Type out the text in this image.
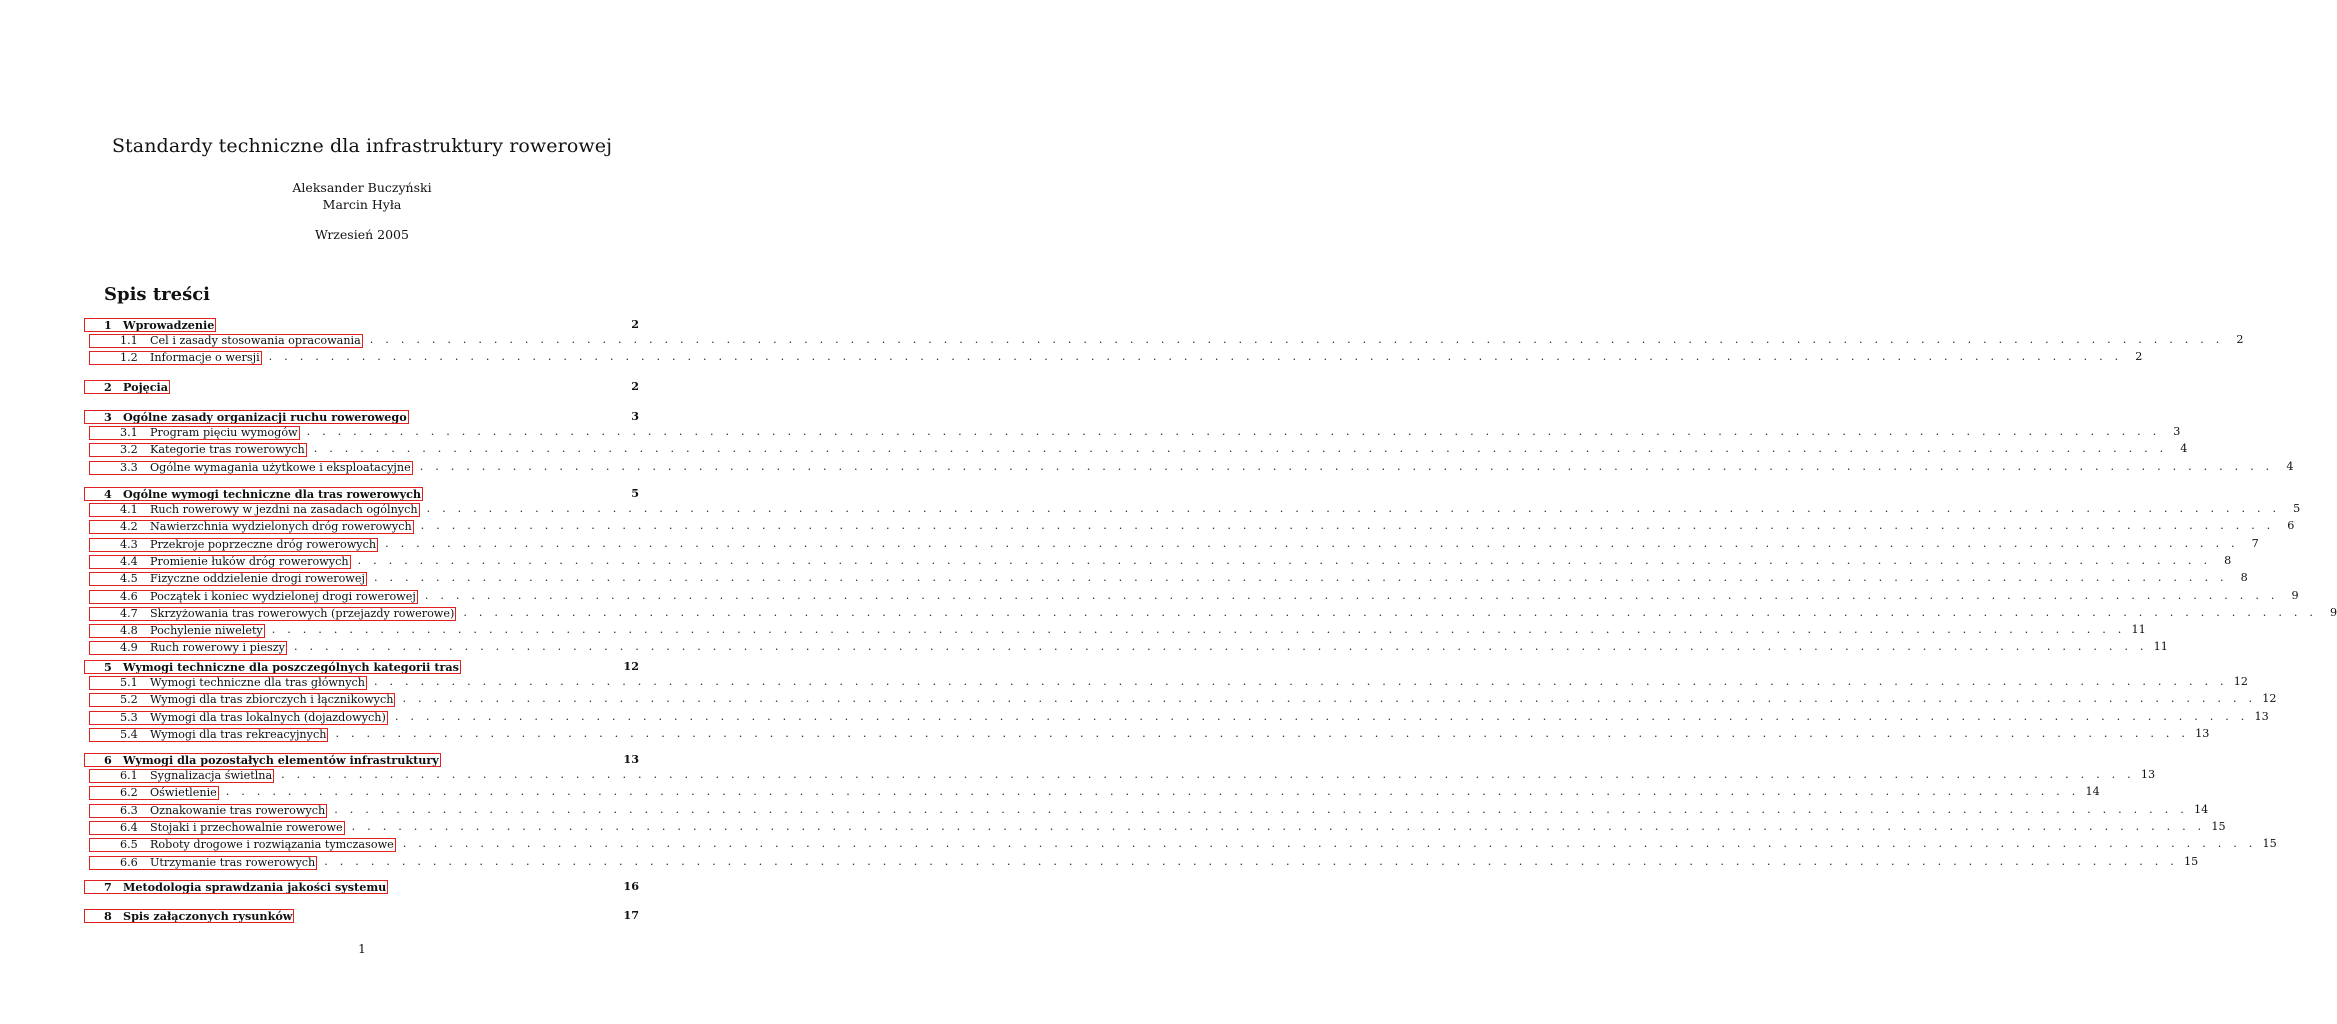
Standardy techniczne dla infrastruktury rowerowej
Aleksander Buczyński
Marcin Hyła
Wrzesień 2005
Spis treści
1 Wprowadzenie	2
1.1 Cel i zasady stosowania opracowania . . . . . . . . . . . . . . . . . . . . . . . . . . . . . . . . . . . . . . . . . . . . . . . . . . . . . . . . . . . . . . . . . . . . . . . . . . . . . . . . . . . . . . . . . . . . . . . . . . . . . . . . . . . . . . . . . . . . . . . .	2
1.2 Informacje o wersji . . . . . . . . . . . . . . . . . . . . . . . . . . . . . . . . . . . . . . . . . . . . . . . . . . . . . . . . . . . . . . . . . . . . . . . . . . . . . . . . . . . . . . . . . . . . . . . . . . . . . . . . . . . . . . . . . . . . . . . .	2
2 Pojęcia	2
3 Ogólne zasady organizacji ruchu rowerowego	3
3.1 Program pięciu wymogów . . . . . . . . . . . . . . . . . . . . . . . . . . . . . . . . . . . . . . . . . . . . . . . . . . . . . . . . . . . . . . . . . . . . . . . . . . . . . . . . . . . . . . . . . . . . . . . . . . . . . . . . . . . . . . . . . . . . . . . .	3
3.2 Kategorie tras rowerowych . . . . . . . . . . . . . . . . . . . . . . . . . . . . . . . . . . . . . . . . . . . . . . . . . . . . . . . . . . . . . . . . . . . . . . . . . . . . . . . . . . . . . . . . . . . . . . . . . . . . . . . . . . . . . . . . . . . . . . . .	4
3.3 Ogólne wymagania użytkowe i eksploatacyjne . . . . . . . . . . . . . . . . . . . . . . . . . . . . . . . . . . . . . . . . . . . . . . . . . . . . . . . . . . . . . . . . . . . . . . . . . . . . . . . . . . . . . . . . . . . . . . . . . . . . . . . . . . . . . . . . . . . . . . . .	4
4 Ogólne wymogi techniczne dla tras rowerowych	5
4.1 Ruch rowerowy w jezdni na zasadach ogólnych . . . . . . . . . . . . . . . . . . . . . . . . . . . . . . . . . . . . . . . . . . . . . . . . . . . . . . . . . . . . . . . . . . . . . . . . . . . . . . . . . . . . . . . . . . . . . . . . . . . . . . . . . . . . . . . . . . . . . . . .	5
4.2 Nawierzchnia wydzielonych dróg rowerowych . . . . . . . . . . . . . . . . . . . . . . . . . . . . . . . . . . . . . . . . . . . . . . . . . . . . . . . . . . . . . . . . . . . . . . . . . . . . . . . . . . . . . . . . . . . . . . . . . . . . . . . . . . . . . . . . . . . . . . . .	6
4.3 Przekroje poprzeczne dróg rowerowych . . . . . . . . . . . . . . . . . . . . . . . . . . . . . . . . . . . . . . . . . . . . . . . . . . . . . . . . . . . . . . . . . . . . . . . . . . . . . . . . . . . . . . . . . . . . . . . . . . . . . . . . . . . . . . . . . . . . . . . .	7
4.4 Promienie łuków dróg rowerowych . . . . . . . . . . . . . . . . . . . . . . . . . . . . . . . . . . . . . . . . . . . . . . . . . . . . . . . . . . . . . . . . . . . . . . . . . . . . . . . . . . . . . . . . . . . . . . . . . . . . . . . . . . . . . . . . . . . . . . . .	8
4.5 Fizyczne oddzielenie drogi rowerowej . . . . . . . . . . . . . . . . . . . . . . . . . . . . . . . . . . . . . . . . . . . . . . . . . . . . . . . . . . . . . . . . . . . . . . . . . . . . . . . . . . . . . . . . . . . . . . . . . . . . . . . . . . . . . . . . . . . . . . . .	8
4.6 Początek i koniec wydzielonej drogi rowerowej . . . . . . . . . . . . . . . . . . . . . . . . . . . . . . . . . . . . . . . . . . . . . . . . . . . . . . . . . . . . . . . . . . . . . . . . . . . . . . . . . . . . . . . . . . . . . . . . . . . . . . . . . . . . . . . . . . . . . . . .	9
4.7 Skrzyżowania tras rowerowych (przejazdy rowerowe) . . . . . . . . . . . . . . . . . . . . . . . . . . . . . . . . . . . . . . . . . . . . . . . . . . . . . . . . . . . . . . . . . . . . . . . . . . . . . . . . . . . . . . . . . . . . . . . . . . . . . . . . . . . . . . . . . . . . . . . .	9
4.8 Pochylenie niwelety . . . . . . . . . . . . . . . . . . . . . . . . . . . . . . . . . . . . . . . . . . . . . . . . . . . . . . . . . . . . . . . . . . . . . . . . . . . . . . . . . . . . . . . . . . . . . . . . . . . . . . . . . . . . . . . . . . . . . . . . 11
4.9 Ruch rowerowy i pieszy . . . . . . . . . . . . . . . . . . . . . . . . . . . . . . . . . . . . . . . . . . . . . . . . . . . . . . . . . . . . . . . . . . . . . . . . . . . . . . . . . . . . . . . . . . . . . . . . . . . . . . . . . . . . . . . . . . . . . . . . 11
5 Wymogi techniczne dla poszczególnych kategorii tras	12
5.1 Wymogi techniczne dla tras głównych . . . . . . . . . . . . . . . . . . . . . . . . . . . . . . . . . . . . . . . . . . . . . . . . . . . . . . . . . . . . . . . . . . . . . . . . . . . . . . . . . . . . . . . . . . . . . . . . . . . . . . . . . . . . . . . . . . . . . . . . 12
5.2 Wymogi dla tras zbiorczych i łącznikowych . . . . . . . . . . . . . . . . . . . . . . . . . . . . . . . . . . . . . . . . . . . . . . . . . . . . . . . . . . . . . . . . . . . . . . . . . . . . . . . . . . . . . . . . . . . . . . . . . . . . . . . . . . . . . . . . . . . . . . . . 12
5.3 Wymogi dla tras lokalnych (dojazdowych) . . . . . . . . . . . . . . . . . . . . . . . . . . . . . . . . . . . . . . . . . . . . . . . . . . . . . . . . . . . . . . . . . . . . . . . . . . . . . . . . . . . . . . . . . . . . . . . . . . . . . . . . . . . . . . . . . . . . . . . . 13
5.4 Wymogi dla tras rekreacyjnych . . . . . . . . . . . . . . . . . . . . . . . . . . . . . . . . . . . . . . . . . . . . . . . . . . . . . . . . . . . . . . . . . . . . . . . . . . . . . . . . . . . . . . . . . . . . . . . . . . . . . . . . . . . . . . . . . . . . . . . . 13
6 Wymogi dla pozostałych elementów infrastruktury	13
6.1 Sygnalizacja świetlna . . . . . . . . . . . . . . . . . . . . . . . . . . . . . . . . . . . . . . . . . . . . . . . . . . . . . . . . . . . . . . . . . . . . . . . . . . . . . . . . . . . . . . . . . . . . . . . . . . . . . . . . . . . . . . . . . . . . . . . . 13
6.2 Oświetlenie . . . . . . . . . . . . . . . . . . . . . . . . . . . . . . . . . . . . . . . . . . . . . . . . . . . . . . . . . . . . . . . . . . . . . . . . . . . . . . . . . . . . . . . . . . . . . . . . . . . . . . . . . . . . . . . . . . . . . . . . 14
6.3 Oznakowanie tras rowerowych . . . . . . . . . . . . . . . . . . . . . . . . . . . . . . . . . . . . . . . . . . . . . . . . . . . . . . . . . . . . . . . . . . . . . . . . . . . . . . . . . . . . . . . . . . . . . . . . . . . . . . . . . . . . . . . . . . . . . . . . 14
6.4 Stojaki i przechowalnie rowerowe . . . . . . . . . . . . . . . . . . . . . . . . . . . . . . . . . . . . . . . . . . . . . . . . . . . . . . . . . . . . . . . . . . . . . . . . . . . . . . . . . . . . . . . . . . . . . . . . . . . . . . . . . . . . . . . . . . . . . . . . 15
6.5 Roboty drogowe i rozwiązania tymczasowe . . . . . . . . . . . . . . . . . . . . . . . . . . . . . . . . . . . . . . . . . . . . . . . . . . . . . . . . . . . . . . . . . . . . . . . . . . . . . . . . . . . . . . . . . . . . . . . . . . . . . . . . . . . . . . . . . . . . . . . . 15
6.6 Utrzymanie tras rowerowych . . . . . . . . . . . . . . . . . . . . . . . . . . . . . . . . . . . . . . . . . . . . . . . . . . . . . . . . . . . . . . . . . . . . . . . . . . . . . . . . . . . . . . . . . . . . . . . . . . . . . . . . . . . . . . . . . . . . . . . . 15
7 Metodologia sprawdzania jakości systemu	16
8 Spis załączonych rysunków	17
1
